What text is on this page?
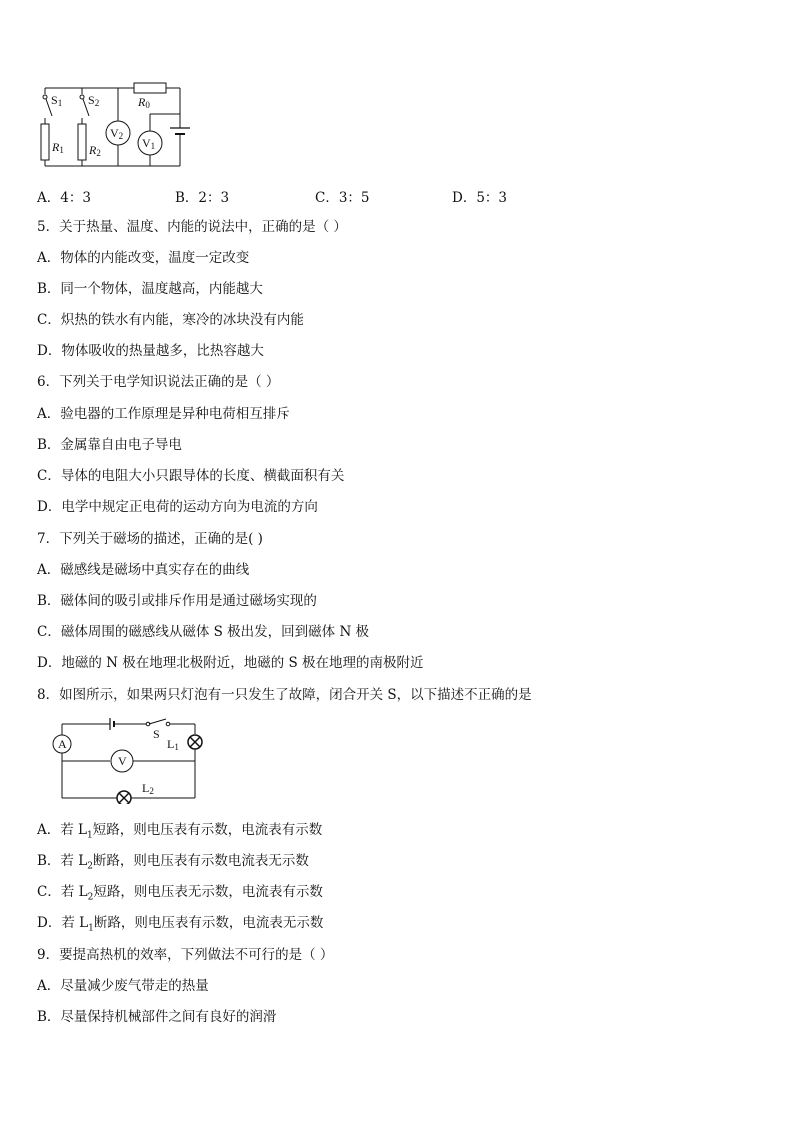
S1 S2	R0
V2 V1
R1 R2
A．4：3	B．2：3	C．3：5	D．5：3
5．关于热量、温度、内能的说法中，正确的是（ ）
A．物体的内能改变，温度一定改变
B．同一个物体，温度越高，内能越大
C．炽热的铁水有内能，寒冷的冰块没有内能
D．物体吸收的热量越多，比热容越大
6．下列关于电学知识说法正确的是（ ）
A．验电器的工作原理是异种电荷相互排斥
B．金属靠自由电子导电
C．导体的电阻大小只跟导体的长度、横截面积有关
D．电学中规定正电荷的运动方向为电流的方向
7．下列关于磁场的描述，正确的是( )
A．磁感线是磁场中真实存在的曲线
B．磁体间的吸引或排斥作用是通过磁场实现的
C．磁体周围的磁感线从磁体 S 极出发，回到磁体 N 极
D．地磁的 N 极在地理北极附近，地磁的 S 极在地理的南极附近
8．如图所示，如果两只灯泡有一只发生了故障，闭合开关 S，以下描述不正确的是
A
V
S
L1
L2
A．若 $L_1$短路，则电压表有示数，电流表有示数
B．若 $L_2$断路，则电压表有示数电流表无示数
C．若 $L_2$短路，则电压表无示数，电流表有示数
D．若 $L_1$断路，则电压表有示数，电流表无示数
9．要提高热机的效率，下列做法不可行的是（ ）
A．尽量减少废气带走的热量
B．尽量保持机械部件之间有良好的润滑
